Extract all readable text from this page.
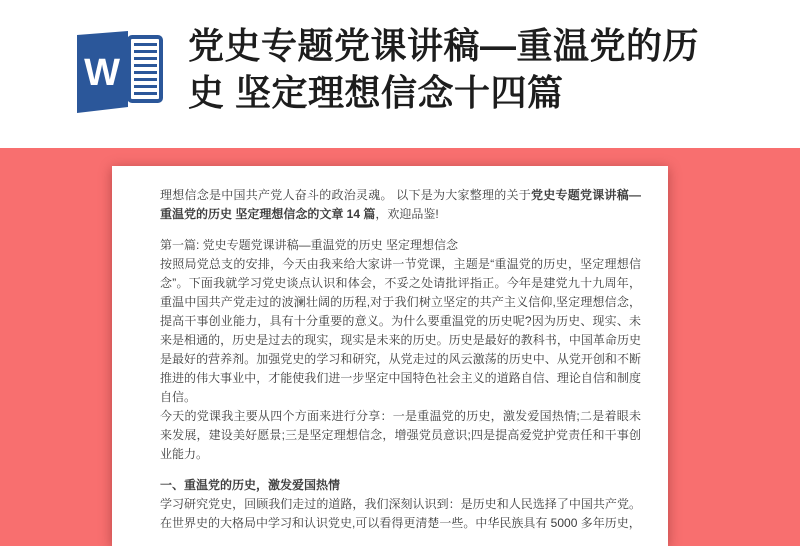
W
党史专题党课讲稿—重温党的历史 坚定理想信念十四篇

理想信念是中国共产党人奋斗的政治灵魂。 以下是为大家整理的关于党史专题党课讲稿—重温党的历史 坚定理想信念的文章 14 篇，欢迎品鉴!

第一篇: 党史专题党课讲稿—重温党的历史 坚定理想信念

按照局党总支的安排，今天由我来给大家讲一节党课，主题是“重温党的历史，坚定理想信念”。下面我就学习党史谈点认识和体会，不妥之处请批评指正。今年是建党九十九周年，重温中国共产党走过的波澜壮阔的历程,对于我们树立坚定的共产主义信仰,坚定理想信念，提高干事创业能力，具有十分重要的意义。为什么要重温党的历史呢?因为历史、现实、未来是相通的，历史是过去的现实，现实是未来的历史。历史是最好的教科书，中国革命历史是最好的营养剂。加强党史的学习和研究，从党走过的风云激荡的历史中、从党开创和不断推进的伟大事业中，才能使我们进一步坚定中国特色社会主义的道路自信、理论自信和制度自信。

今天的党课我主要从四个方面来进行分享：一是重温党的历史，激发爱国热情;二是着眼未来发展，建设美好愿景;三是坚定理想信念，增强党员意识;四是提高爱党护党责任和干事创业能力。

一、重温党的历史，激发爱国热情

学习研究党史，回顾我们走过的道路，我们深刻认识到：是历史和人民选择了中国共产党。在世界史的大格局中学习和认识党史,可以看得更清楚一些。中华民族具有 5000 多年历史，
